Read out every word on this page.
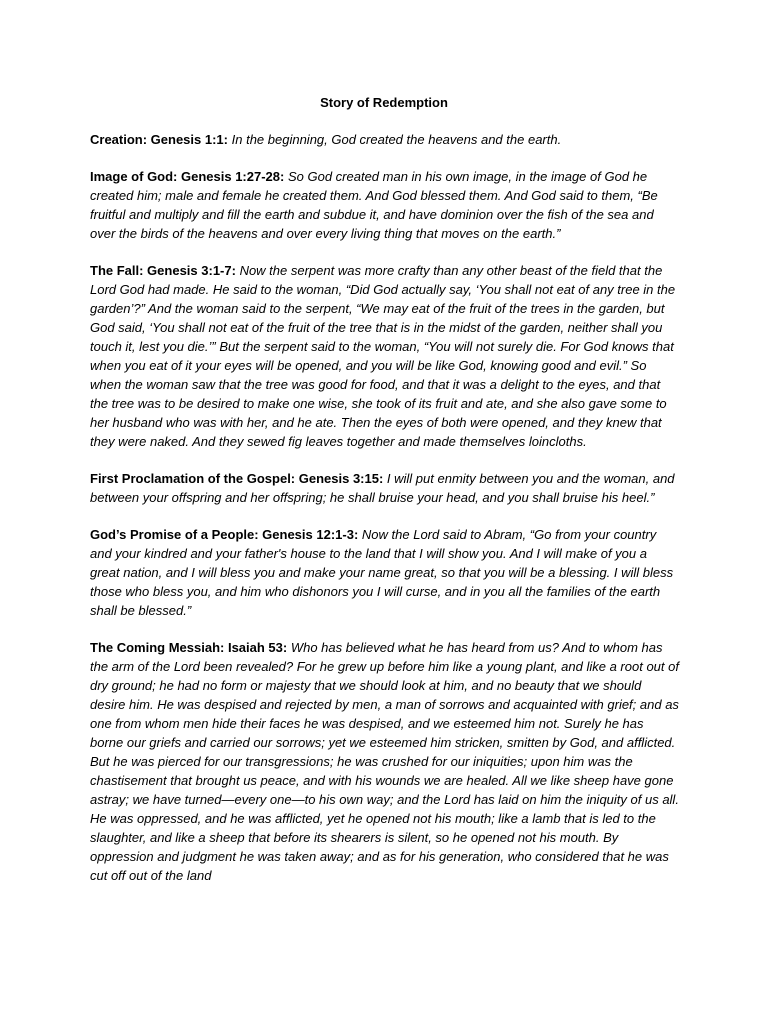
Story of Redemption

Creation: Genesis 1:1: In the beginning, God created the heavens and the earth.

Image of God: Genesis 1:27-28: So God created man in his own image, in the image of God he created him; male and female he created them. And God blessed them. And God said to them, “Be fruitful and multiply and fill the earth and subdue it, and have dominion over the fish of the sea and over the birds of the heavens and over every living thing that moves on the earth.”

The Fall: Genesis 3:1-7: Now the serpent was more crafty than any other beast of the field that the Lord God had made. He said to the woman, “Did God actually say, ‘You shall not eat of any tree in the garden’?” And the woman said to the serpent, “We may eat of the fruit of the trees in the garden, but God said, ‘You shall not eat of the fruit of the tree that is in the midst of the garden, neither shall you touch it, lest you die.’” But the serpent said to the woman, “You will not surely die. For God knows that when you eat of it your eyes will be opened, and you will be like God, knowing good and evil.” So when the woman saw that the tree was good for food, and that it was a delight to the eyes, and that the tree was to be desired to make one wise, she took of its fruit and ate, and she also gave some to her husband who was with her, and he ate. Then the eyes of both were opened, and they knew that they were naked. And they sewed fig leaves together and made themselves loincloths.

First Proclamation of the Gospel: Genesis 3:15: I will put enmity between you and the woman, and between your offspring and her offspring; he shall bruise your head, and you shall bruise his heel.”

God’s Promise of a People: Genesis 12:1-3: Now the Lord said to Abram, “Go from your country and your kindred and your father's house to the land that I will show you. And I will make of you a great nation, and I will bless you and make your name great, so that you will be a blessing. I will bless those who bless you, and him who dishonors you I will curse, and in you all the families of the earth shall be blessed.”

The Coming Messiah: Isaiah 53: Who has believed what he has heard from us? And to whom has the arm of the Lord been revealed? For he grew up before him like a young plant, and like a root out of dry ground; he had no form or majesty that we should look at him, and no beauty that we should desire him. He was despised and rejected by men, a man of sorrows and acquainted with grief; and as one from whom men hide their faces he was despised, and we esteemed him not. Surely he has borne our griefs and carried our sorrows; yet we esteemed him stricken, smitten by God, and afflicted. But he was pierced for our transgressions; he was crushed for our iniquities; upon him was the chastisement that brought us peace, and with his wounds we are healed. All we like sheep have gone astray; we have turned—every one—to his own way; and the Lord has laid on him the iniquity of us all. He was oppressed, and he was afflicted, yet he opened not his mouth; like a lamb that is led to the slaughter, and like a sheep that before its shearers is silent, so he opened not his mouth. By oppression and judgment he was taken away; and as for his generation, who considered that he was cut off out of the land
